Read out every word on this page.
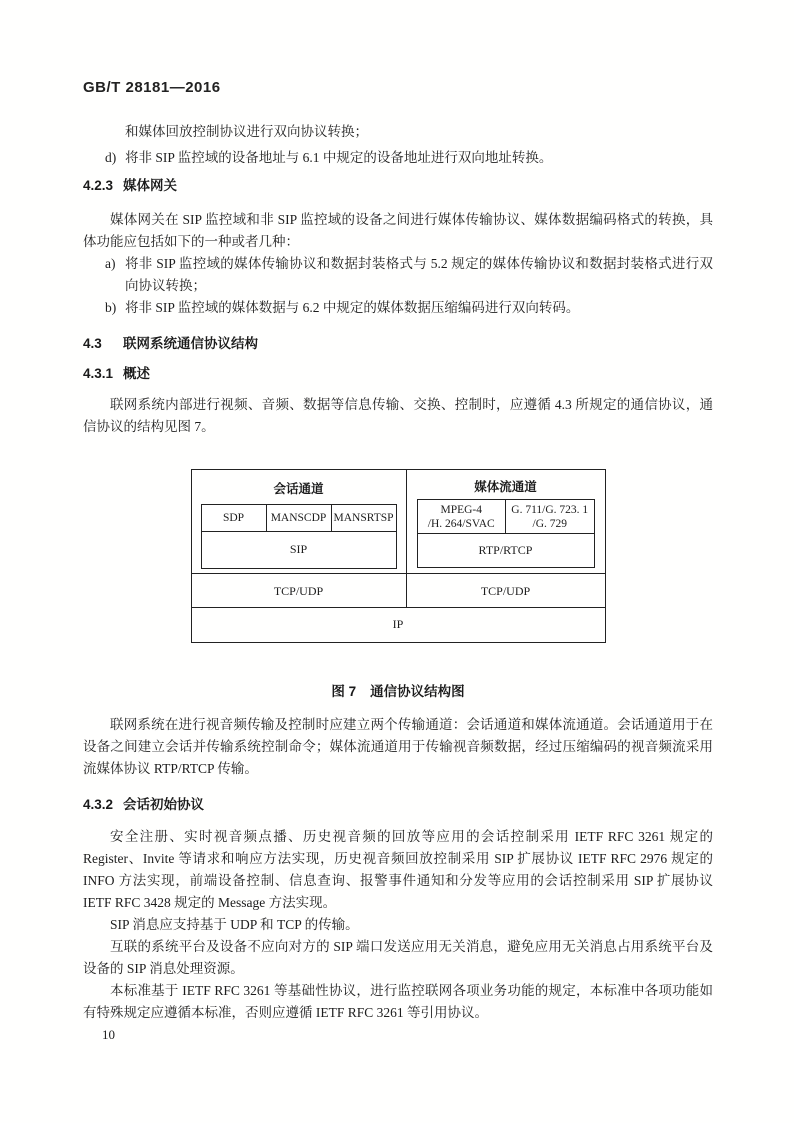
GB/T 28181—2016
和媒体回放控制协议进行双向协议转换；
d) 将非 SIP 监控域的设备地址与 6.1 中规定的设备地址进行双向地址转换。
4.2.3 媒体网关

媒体网关在 SIP 监控域和非 SIP 监控域的设备之间进行媒体传输协议、媒体数据编码格式的转换，具体功能应包括如下的一种或者几种：

a) 将非 SIP 监控域的媒体传输协议和数据封装格式与 5.2 规定的媒体传输协议和数据封装格式进行双向协议转换；
b) 将非 SIP 监控域的媒体数据与 6.2 中规定的媒体数据压缩编码进行双向转码。
4.3	联网系统通信协议结构
4.3.1 概述

联网系统内部进行视频、音频、数据等信息传输、交换、控制时，应遵循 4.3 所规定的通信协议，通信协议的结构见图 7。

会话通道
SDP	MANSCDP MANSRTSP
SIP
媒体流通道
MPEG-4
/H. 264/SVAC
G. 711/G. 723. 1
/G. 729
RTP/RTCP
TCP/UDP	TCP/UDP
IP
图 7 通信协议结构图

联网系统在进行视音频传输及控制时应建立两个传输通道：会话通道和媒体流通道。会话通道用于在设备之间建立会话并传输系统控制命令；媒体流通道用于传输视音频数据，经过压缩编码的视音频流采用流媒体协议 RTP/RTCP 传输。

4.3.2 会话初始协议

安全注册、实时视音频点播、历史视音频的回放等应用的会话控制采用 IETF RFC 3261 规定的 Register、Invite 等请求和响应方法实现，历史视音频回放控制采用 SIP 扩展协议 IETF RFC 2976 规定的 INFO 方法实现，前端设备控制、信息查询、报警事件通知和分发等应用的会话控制采用 SIP 扩展协议 IETF RFC 3428 规定的 Message 方法实现。

SIP 消息应支持基于 UDP 和 TCP 的传输。

互联的系统平台及设备不应向对方的 SIP 端口发送应用无关消息，避免应用无关消息占用系统平台及设备的 SIP 消息处理资源。

本标准基于 IETF RFC 3261 等基础性协议，进行监控联网各项业务功能的规定，本标准中各项功能如有特殊规定应遵循本标准，否则应遵循 IETF RFC 3261 等引用协议。

10
